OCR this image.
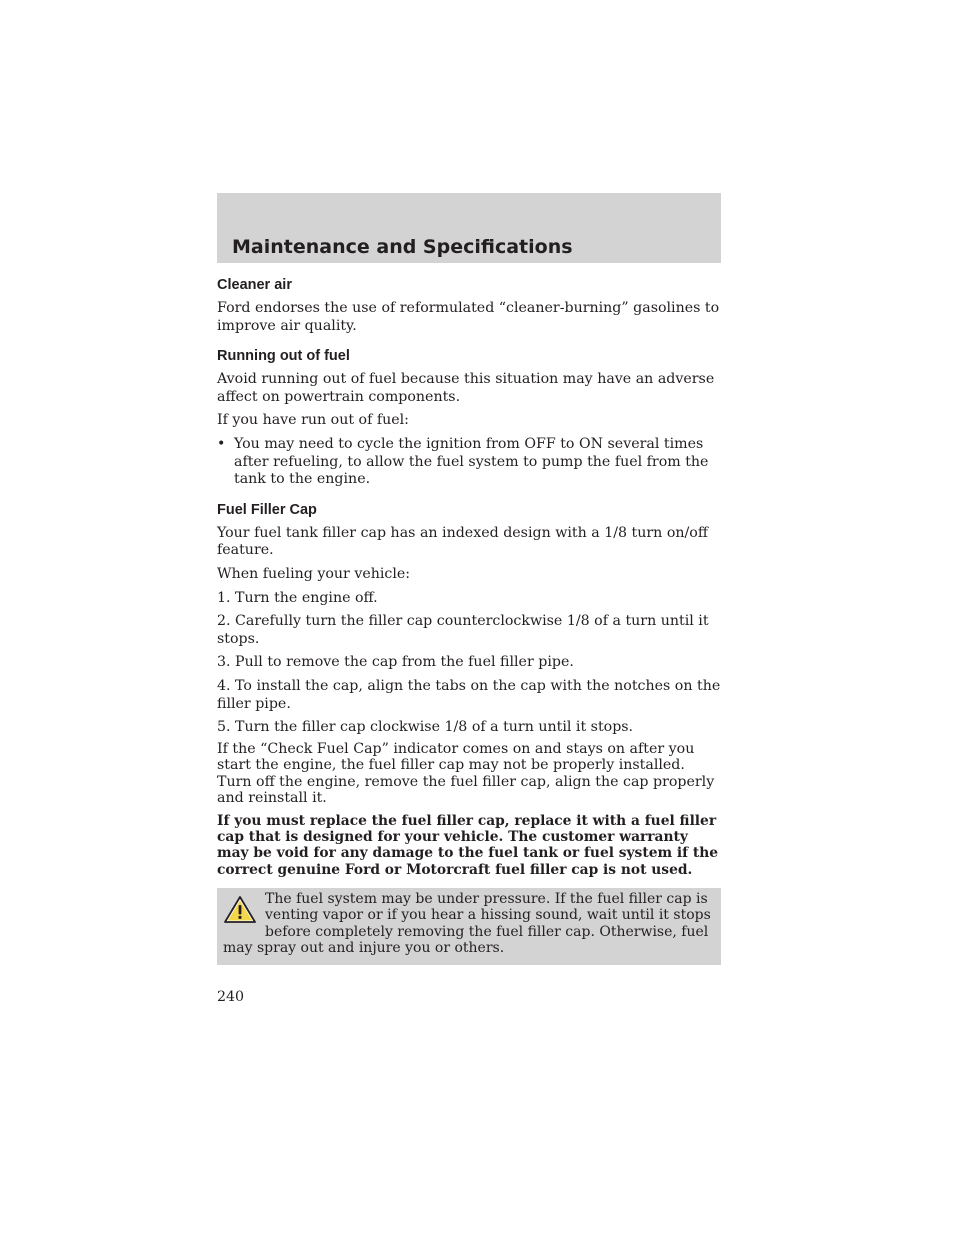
Maintenance and Specifications
Cleaner air

Ford endorses the use of reformulated “cleaner-burning” gasolines to improve air quality.

Running out of fuel

Avoid running out of fuel because this situation may have an adverse affect on powertrain components.

If you have run out of fuel:

• You may need to cycle the ignition from OFF to ON several times after refueling, to allow the fuel system to pump the fuel from the tank to the engine.
Fuel Filler Cap

Your fuel tank filler cap has an indexed design with a 1/8 turn on/off feature.

When fueling your vehicle:

1. Turn the engine off.

2. Carefully turn the filler cap counterclockwise 1/8 of a turn until it stops.

3. Pull to remove the cap from the fuel filler pipe.

4. To install the cap, align the tabs on the cap with the notches on the filler pipe.

5. Turn the filler cap clockwise 1/8 of a turn until it stops.

If the “Check Fuel Cap” indicator comes on and stays on after you start the engine, the fuel filler cap may not be properly installed. Turn off the engine, remove the fuel filler cap, align the cap properly and reinstall it.

If you must replace the fuel filler cap, replace it with a fuel filler cap that is designed for your vehicle. The customer warranty may be void for any damage to the fuel tank or fuel system if the correct genuine Ford or Motorcraft fuel filler cap is not used.

The fuel system may be under pressure. If the fuel filler cap is venting vapor or if you hear a hissing sound, wait until it stops before completely removing the fuel filler cap. Otherwise, fuel may spray out and injure you or others.
240
